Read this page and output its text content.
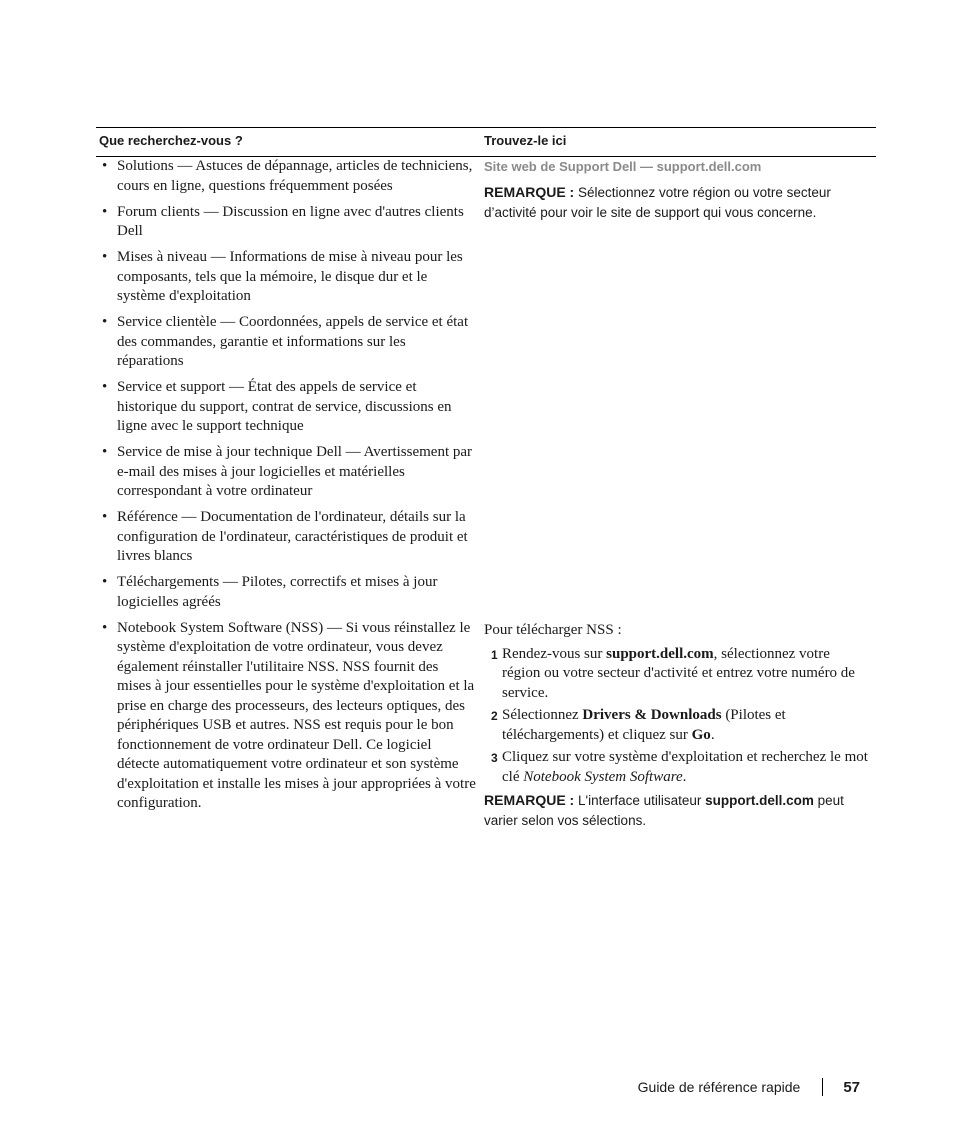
Que recherchez-vous ?	Trouvez-le ici
• Solutions — Astuces de dépannage, articles de techniciens, cours en ligne, questions fréquemment posées
• Forum clients — Discussion en ligne avec d'autres clients Dell
• Mises à niveau — Informations de mise à niveau pour les composants, tels que la mémoire, le disque dur et le système d'exploitation
• Service clientèle — Coordonnées, appels de service et état des commandes, garantie et informations sur les réparations
• Service et support — État des appels de service et historique du support, contrat de service, discussions en ligne avec le support technique
• Service de mise à jour technique Dell — Avertissement par e-mail des mises à jour logicielles et matérielles correspondant à votre ordinateur
• Référence — Documentation de l'ordinateur, détails sur la configuration de l'ordinateur, caractéristiques de produit et livres blancs
• Téléchargements — Pilotes, correctifs et mises à jour logicielles agréés
• Notebook System Software (NSS) — Si vous réinstallez le système d'exploitation de votre ordinateur, vous devez également réinstaller l'utilitaire NSS. NSS fournit des mises à jour essentielles pour le système d'exploitation et la prise en charge des processeurs, des lecteurs optiques, des périphériques USB et autres. NSS est requis pour le bon fonctionnement de votre ordinateur Dell. Ce logiciel détecte automatiquement votre ordinateur et son système d'exploitation et installe les mises à jour appropriées à votre configuration.
Site web de Support Dell — support.dell.com
REMARQUE : Sélectionnez votre région ou votre secteur d’activité pour voir le site de support qui vous concerne.
Pour télécharger NSS :
1 Rendez-vous sur support.dell.com, sélectionnez votre région ou votre secteur d'activité et entrez votre numéro de service.
2 Sélectionnez Drivers & Downloads (Pilotes et téléchargements) et cliquez sur Go.
3 Cliquez sur votre système d'exploitation et recherchez le mot clé Notebook System Software.
REMARQUE : L'interface utilisateur support.dell.com peut varier selon vos sélections.
Guide de référence rapide	57
